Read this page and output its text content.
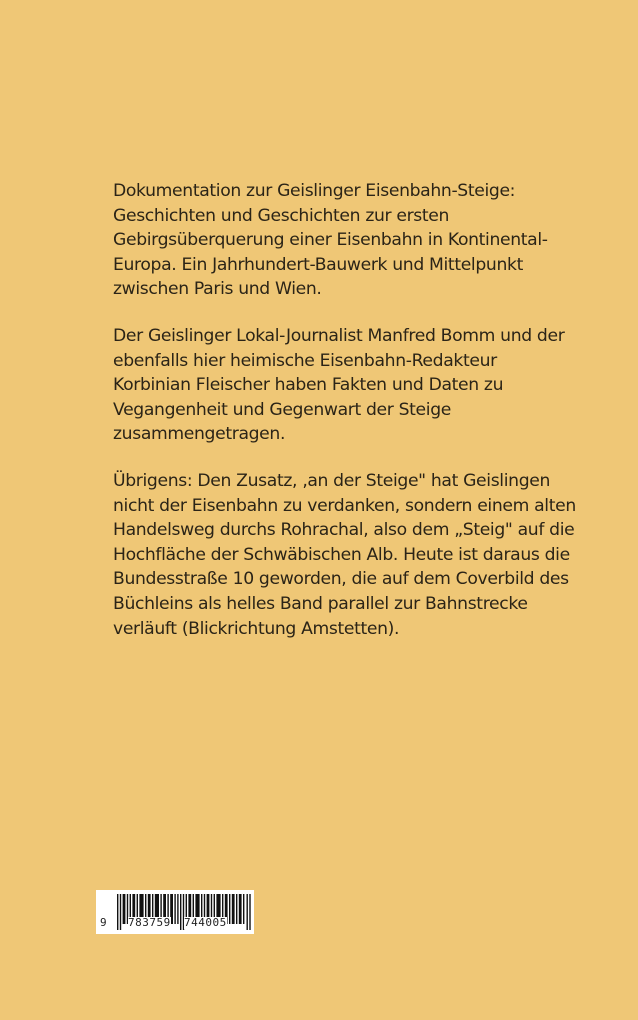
Dokumentation zur Geislinger Eisenbahn-Steige:
Geschichten und Geschichten zur ersten
Gebirgsüberquerung einer Eisenbahn in Kontinental-
Europa. Ein Jahrhundert-Bauwerk und Mittelpunkt
zwischen Paris und Wien.

Der Geislinger Lokal-Journalist Manfred Bomm und der
ebenfalls hier heimische Eisenbahn-Redakteur
Korbinian Fleischer haben Fakten und Daten zu
Vegangenheit und Gegenwart der Steige
zusammengetragen.

Übrigens: Den Zusatz, ‚an der Steige" hat Geislingen
nicht der Eisenbahn zu verdanken, sondern einem alten
Handelsweg durchs Rohrachal, also dem „Steig" auf die
Hochfläche der Schwäbischen Alb. Heute ist daraus die
Bundesstraße 10 geworden, die auf dem Coverbild des
Büchleins als helles Band parallel zur Bahnstrecke
verläuft (Blickrichtung Amstetten).

9 783759 744005
